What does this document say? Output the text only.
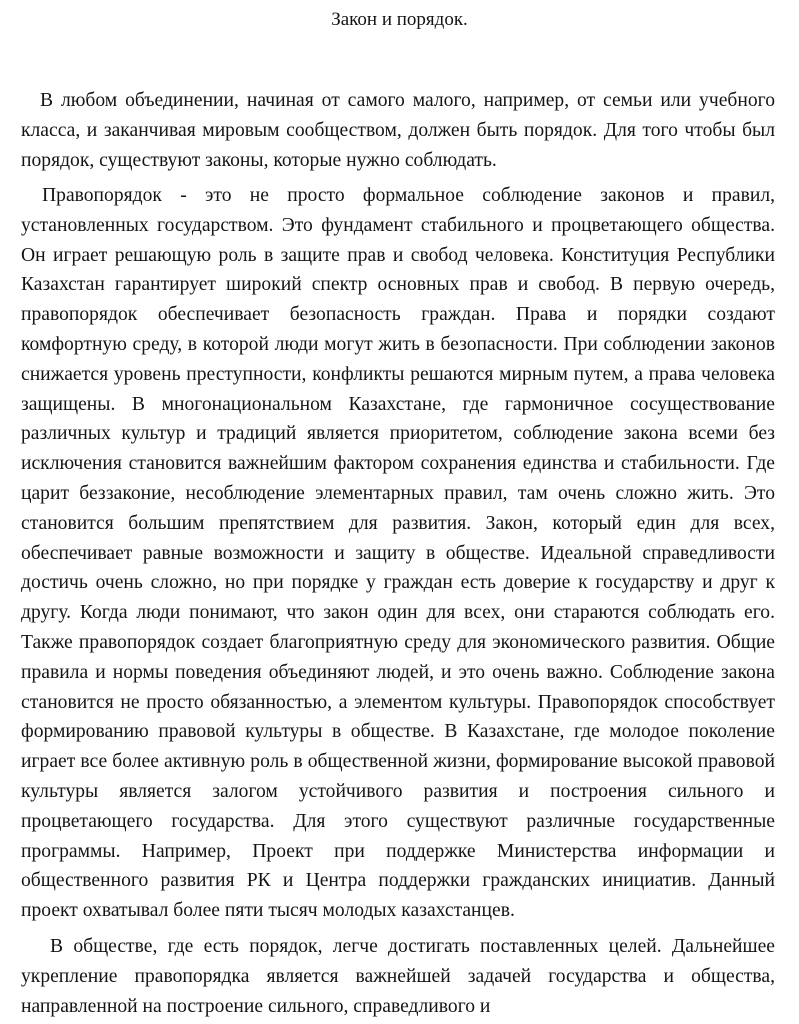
Закон и порядок.

В любом объединении, начиная от самого малого, например, от семьи или учебного класса, и заканчивая мировым сообществом, должен быть порядок. Для того чтобы был порядок, существуют законы, которые нужно соблюдать.

Правопорядок - это не просто формальное соблюдение законов и правил, установленных государством. Это фундамент стабильного и процветающего общества. Он играет решающую роль в защите прав и свобод человека. Конституция Республики Казахстан гарантирует широкий спектр основных прав и свобод. В первую очередь, правопорядок обеспечивает безопасность граждан. Права и порядки создают комфортную среду, в которой люди могут жить в безопасности. При соблюдении законов снижается уровень преступности, конфликты решаются мирным путем, а права человека защищены. В многонациональном Казахстане, где гармоничное сосуществование различных культур и традиций является приоритетом, соблюдение закона всеми без исключения становится важнейшим фактором сохранения единства и стабильности. Где царит беззаконие, несоблюдение элементарных правил, там очень сложно жить. Это становится большим препятствием для развития. Закон, который един для всех, обеспечивает равные возможности и защиту в обществе. Идеальной справедливости достичь очень сложно, но при порядке у граждан есть доверие к государству и друг к другу. Когда люди понимают, что закон один для всех, они стараются соблюдать его. Также правопорядок создает благоприятную среду для экономического развития. Общие правила и нормы поведения объединяют людей, и это очень важно. Соблюдение закона становится не просто обязанностью, а элементом культуры. Правопорядок способствует формированию правовой культуры в обществе. В Казахстане, где молодое поколение играет все более активную роль в общественной жизни, формирование высокой правовой культуры является залогом устойчивого развития и построения сильного и процветающего государства. Для этого существуют различные государственные программы. Например, Проект при поддержке Министерства информации и общественного развития РК и Центра поддержки гражданских инициатив. Данный проект охватывал более пяти тысяч молодых казахстанцев.

В обществе, где есть порядок, легче достигать поставленных целей. Дальнейшее укрепление правопорядка является важнейшей задачей государства и общества, направленной на построение сильного, справедливого и
